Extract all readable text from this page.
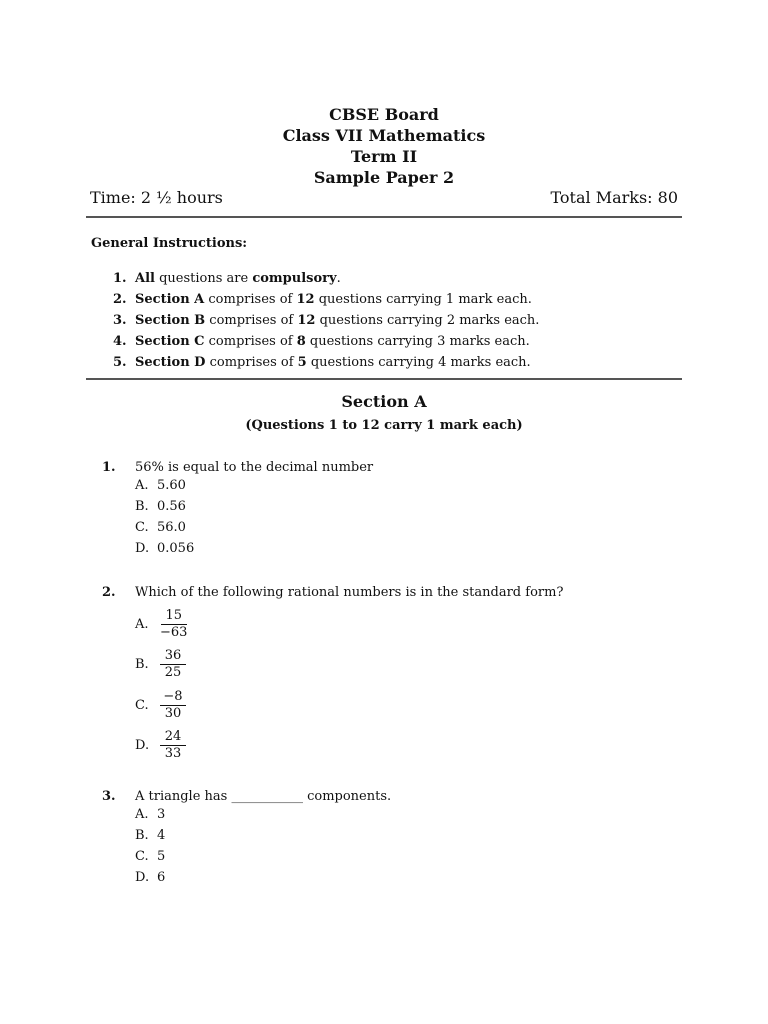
CBSE Board
Class VII Mathematics
Term II
Sample Paper 2
Time: 2 ½ hours	Total Marks: 80
General Instructions:
1. All questions are compulsory.
2. Section A comprises of 12 questions carrying 1 mark each.
3. Section B comprises of 12 questions carrying 2 marks each.
4. Section C comprises of 8 questions carrying 3 marks each.
5. Section D comprises of 5 questions carrying 4 marks each.
Section A
(Questions 1 to 12 carry 1 mark each)
1.	56% is equal to the decimal number
A. 5.60
B. 0.56
C. 56.0
D. 0.056
2.	Which of the following rational numbers is in the standard form?
A. $\frac{15}{-63}$
B. $\frac{36}{25}$
C. $\frac{-8}{30}$
D. $\frac{24}{33}$
3.	A triangle has ___________ components.
A. 3
B. 4
C. 5
D. 6
